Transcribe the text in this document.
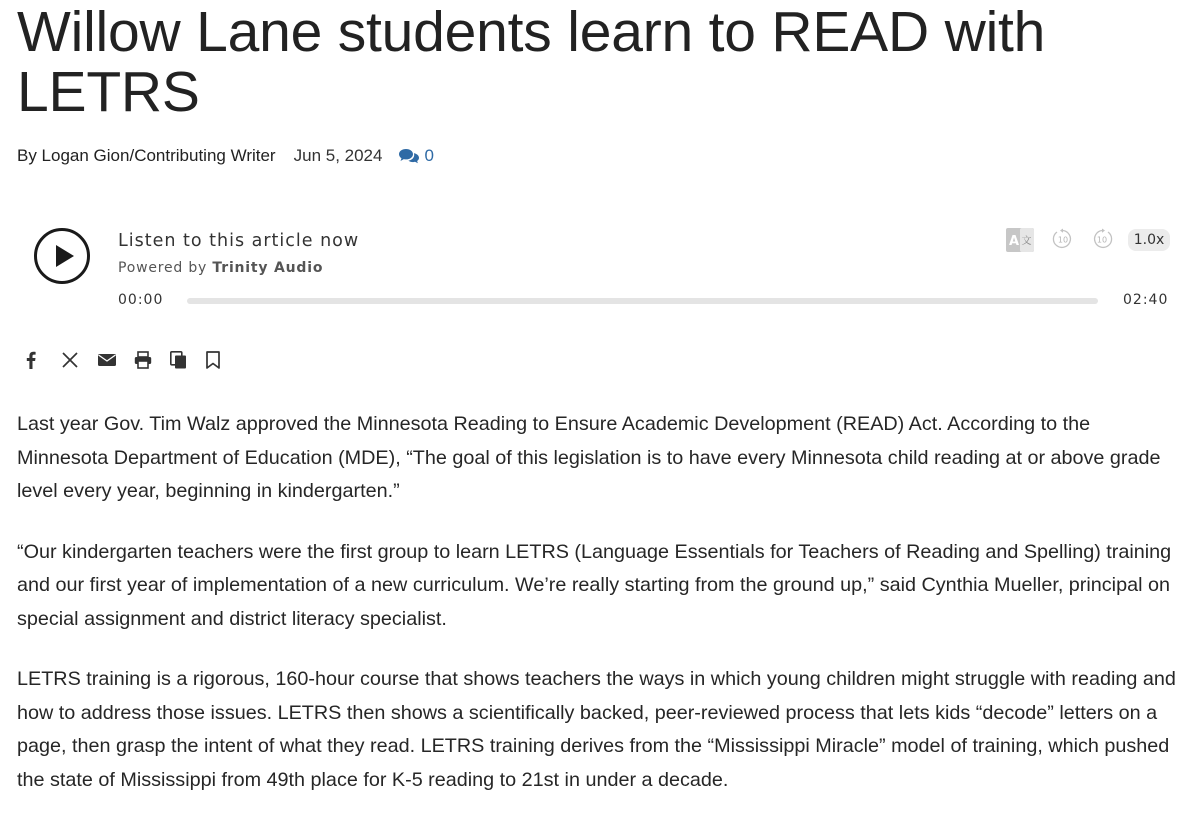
Willow Lane students learn to READ with LETRS
By Logan Gion/Contributing Writer Jun 5, 2024 0
Listen to this article now
Powered by Trinity Audio
A 文	10	10	1.0x
00:00	02:40

Last year Gov. Tim Walz approved the Minnesota Reading to Ensure Academic Development (READ) Act. According to the Minnesota Department of Education (MDE), “The goal of this legislation is to have every Minnesota child reading at or above grade level every year, beginning in kindergarten.”

“Our kindergarten teachers were the first group to learn LETRS (Language Essentials for Teachers of Reading and Spelling) training and our first year of implementation of a new curriculum. We’re really starting from the ground up,” said Cynthia Mueller, principal on special assignment and district literacy specialist.

LETRS training is a rigorous, 160-hour course that shows teachers the ways in which young children might struggle with reading and how to address those issues. LETRS then shows a scientifically backed, peer-reviewed process that lets kids “decode” letters on a page, then grasp the intent of what they read. LETRS training derives from the “Mississippi Miracle” model of training, which pushed the state of Mississippi from 49th place for K-5 reading to 21st in under a decade.
